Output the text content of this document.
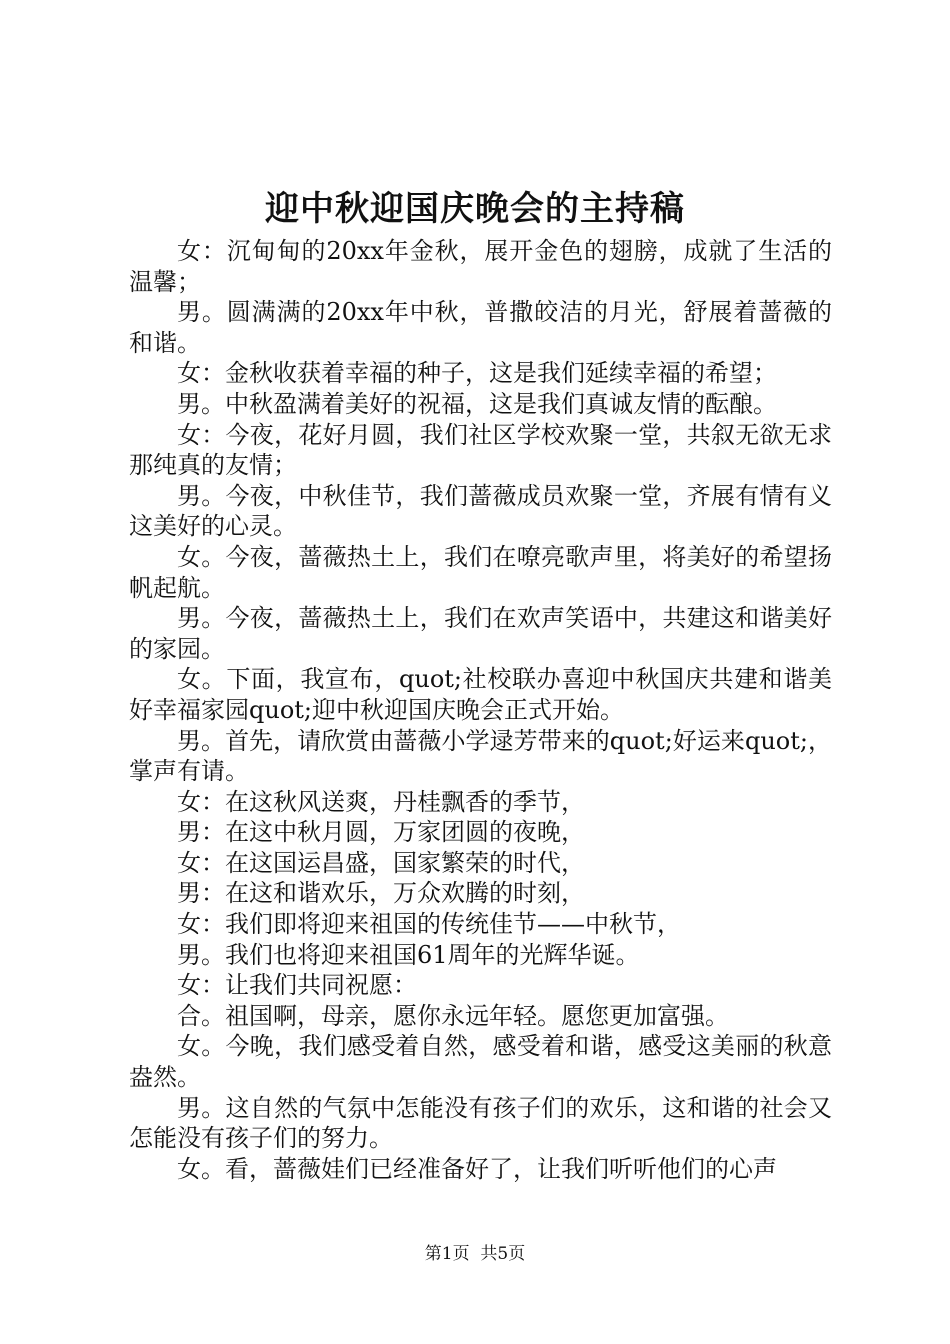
迎中秋迎国庆晚会的主持稿

女：沉甸甸的20xx年金秋，展开金色的翅膀，成就了生活的温馨；

男。圆满满的20xx年中秋，普撒皎洁的月光，舒展着蔷薇的和谐。

女：金秋收获着幸福的种子，这是我们延续幸福的希望；

男。中秋盈满着美好的祝福，这是我们真诚友情的酝酿。

女：今夜，花好月圆，我们社区学校欢聚一堂，共叙无欲无求那纯真的友情；

男。今夜，中秋佳节，我们蔷薇成员欢聚一堂，齐展有情有义这美好的心灵。

女。今夜，蔷薇热土上，我们在嘹亮歌声里，将美好的希望扬帆起航。

男。今夜，蔷薇热土上，我们在欢声笑语中，共建这和谐美好的家园。

女。下面，我宣布，quot;社校联办喜迎中秋国庆共建和谐美好幸福家园quot;迎中秋迎国庆晚会正式开始。

男。首先，请欣赏由蔷薇小学逯芳带来的quot;好运来quot;，掌声有请。

女：在这秋风送爽，丹桂飘香的季节，

男：在这中秋月圆，万家团圆的夜晚，

女：在这国运昌盛，国家繁荣的时代，

男：在这和谐欢乐，万众欢腾的时刻，

女：我们即将迎来祖国的传统佳节——中秋节，

男。我们也将迎来祖国61周年的光辉华诞。

女：让我们共同祝愿：

合。祖国啊，母亲，愿你永远年轻。愿您更加富强。

女。今晚，我们感受着自然，感受着和谐，感受这美丽的秋意盎然。

男。这自然的气氛中怎能没有孩子们的欢乐，这和谐的社会又怎能没有孩子们的努力。

女。看，蔷薇娃们已经准备好了，让我们听听他们的心声

第1页  共5页
